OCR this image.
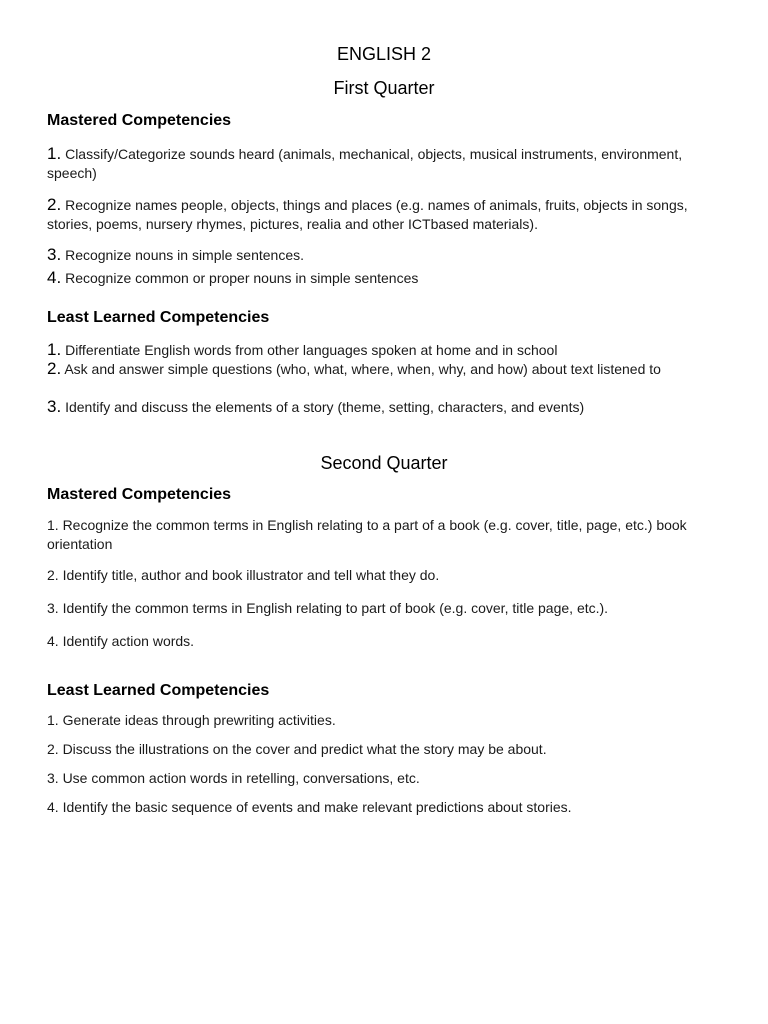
ENGLISH 2
First Quarter
Mastered Competencies
1. Classify/Categorize sounds heard (animals, mechanical, objects, musical instruments, environment, speech)
2. Recognize names people, objects, things and places (e.g. names of animals, fruits, objects in songs, stories, poems, nursery rhymes, pictures, realia and other ICTbased materials).
3. Recognize nouns in simple sentences.
4. Recognize common or proper nouns in simple sentences
Least Learned Competencies
1. Differentiate English words from other languages spoken at home and in school
2. Ask and answer simple questions (who, what, where, when, why, and how) about text listened to
3. Identify and discuss the elements of a story (theme, setting, characters, and events)
Second Quarter
Mastered Competencies
1. Recognize the common terms in English relating to a part of a book (e.g. cover, title, page, etc.) book orientation
2. Identify title, author and book illustrator and tell what they do.
3. Identify the common terms in English relating to part of book (e.g. cover, title page, etc.).
4. Identify action words.
Least Learned Competencies
1. Generate ideas through prewriting activities.
2. Discuss the illustrations on the cover and predict what the story may be about.
3. Use common action words in retelling, conversations, etc.
4. Identify the basic sequence of events and make relevant predictions about stories.
